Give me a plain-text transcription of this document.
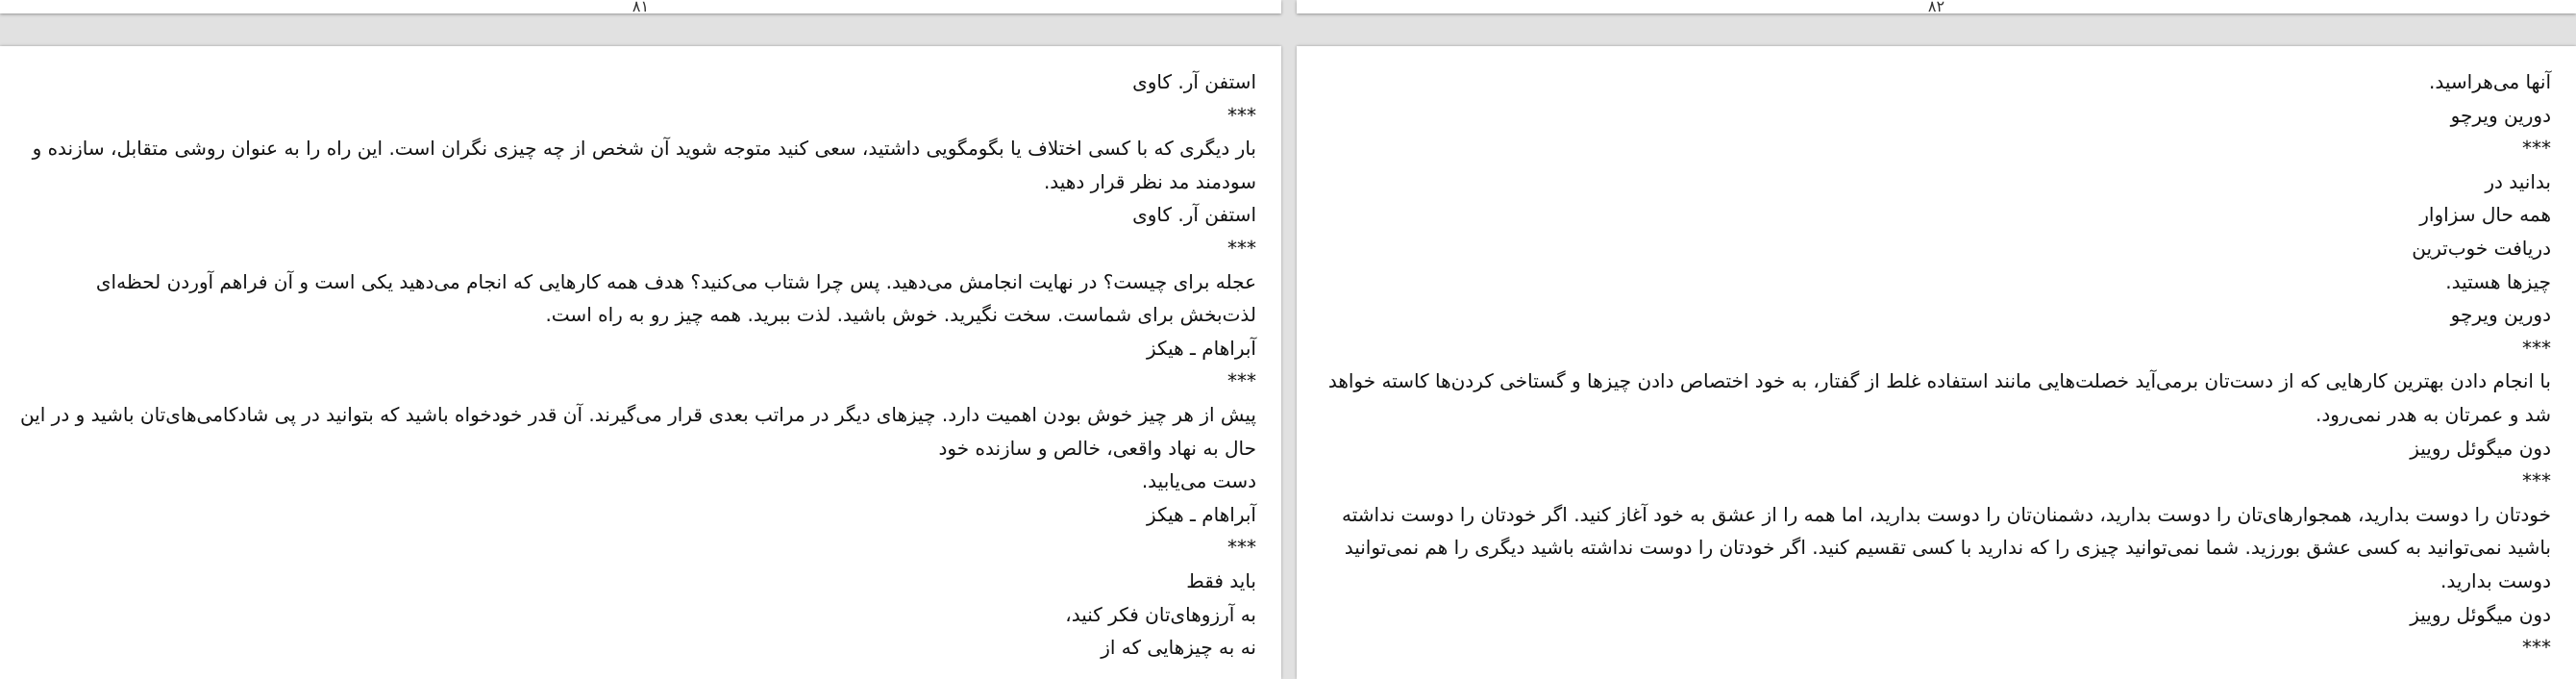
۸۱	۸۲
استفن آر. کاوی
***
بار دیگری که با کسی اختلاف یا بگومگویی داشتید، سعی کنید متوجه شوید آن شخص از چه چیزی نگران است. این راه را به عنوان روشی متقابل، سازنده و سودمند مد نظر قرار دهید.
استفن آر. کاوی
***
عجله برای چیست؟ در نهایت انجامش می‌دهید. پس چرا شتاب می‌کنید؟ هدف همه کارهایی که انجام می‌دهید یکی است و آن فراهم آوردن لحظه‌ای لذت‌بخش برای شماست. سخت نگیرید. خوش باشید. لذت ببرید. همه چیز رو به راه است.
آبراهام ـ هیکز
***
پیش از هر چیز خوش بودن اهمیت دارد. چیزهای دیگر در مراتب بعدی قرار می‌گیرند. آن قدر خودخواه باشید که بتوانید در پی شادکامی‌های‌تان باشید و در این حال به نهاد واقعی، خالص و سازنده خود
دست می‌یابید.
آبراهام ـ هیکز
***
باید فقط
به آرزوهای‌تان فکر کنید،
نه به چیزهایی که از
آنها می‌هراسید.
دورین ویرچو
***
بدانید در
همه حال سزاوار
دریافت خوب‌ترین
چیزها هستید.
دورین ویرچو
***
با انجام دادن بهترین کارهایی که از دست‌تان برمی‌آید خصلت‌هایی مانند استفاده غلط از گفتار، به خود اختصاص دادن چیزها و گستاخی کردن‌ها کاسته خواهد شد و عمرتان به هدر نمی‌رود.
دون میگوئل روییز
***
خودتان را دوست بدارید، همجوارهای‌تان را دوست بدارید، دشمنان‌تان را دوست بدارید، اما همه را از عشق به خود آغاز کنید. اگر خودتان را دوست نداشته باشید نمی‌توانید به کسی عشق بورزید. شما نمی‌توانید چیزی را که ندارید با کسی تقسیم کنید. اگر خودتان را دوست نداشته باشید دیگری را هم نمی‌توانید دوست بدارید.
دون میگوئل روییز
***
